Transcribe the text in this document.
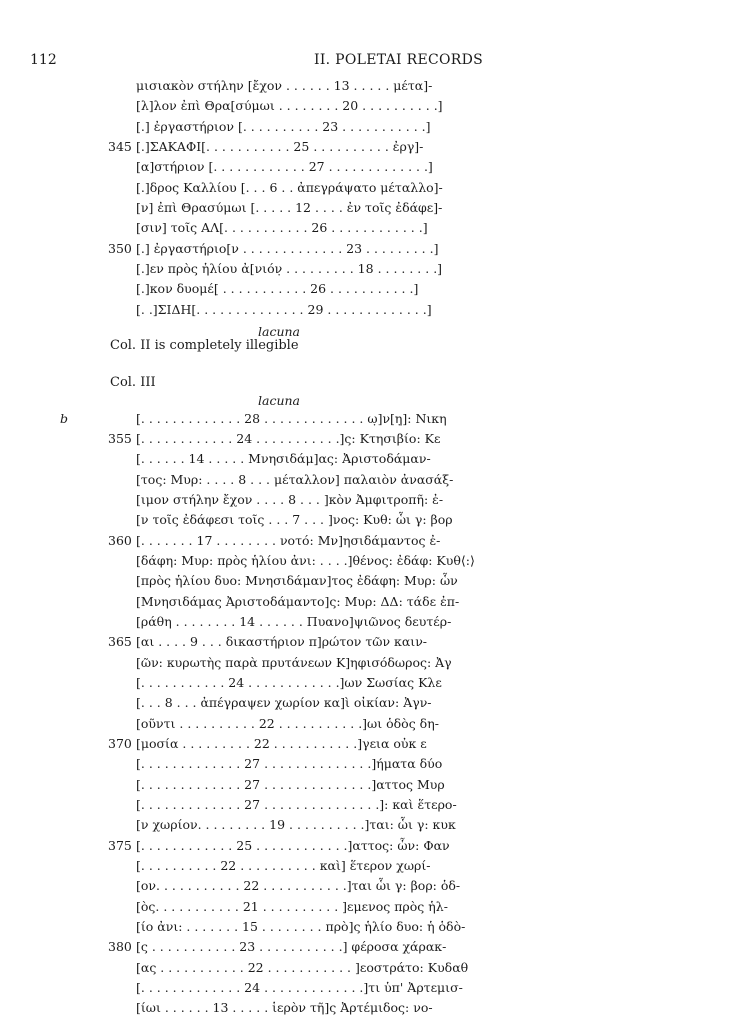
112	II. POLETAI RECORDS
μισιακὸν στήλην [ἔχον . . . . . . 13 . . . . . μέτα]-
[λ]λον ἐπὶ Θρα[σύμωι . . . . . . . . 20 . . . . . . . . . .]
[.] ἐργαστήριον [. . . . . . . . . . 23 . . . . . . . . . . .]
345 [.]ΣΑΚΑΦΙ[. . . . . . . . . . . 25 . . . . . . . . . . ἐργ]-
[α]στήριον [. . . . . . . . . . . . 27 . . . . . . . . . . . . .]
[.]δρος Καλλίου [. . . 6 . . ἀπεγράψατο μέταλλο]-
[ν] ἐπὶ Θρασύμωι [. . . . . 12 . . . . ἐν τοῖς ἐδάφε]-
[σιν] τοῖς ΑΛ[. . . . . . . . . . . 26 . . . . . . . . . . . .]
350 [.] ἐργαστήριο[ν . . . . . . . . . . . . . 23 . . . . . . . . .]
[.]εν πρὸς ἡλίου ἀ[νιόν̣ . . . . . . . . . 18 . . . . . . . .]
[.]κον δυομέ[̣ . . . . . . . . . . . 26 . . . . . . . . . . .]
[. .]ΣΙΔΗ[. . . . . . . . . . . . . . 29 . . . . . . . . . . . . .]
lacuna
Col. II is completely illegible
Col. III
lacuna
b	[. . . . . . . . . . . . . 28 . . . . . . . . . . . . . ω̣]ν[η̣]: Νικη
355 [. . . . . . . . . . . . 24 . . . . . . . . . . .]ς: Κτησιβίο: Κε
[. . . . . . 14 . . . . . Μνησιδάμ]ας: Ἀριστοδάμαν-
[τος: Μυρ: . . . . 8 . . . μέταλλον] παλαιὸν ἀνασάξ-
[ιμον στήλην ἔχον . . . . 8 . . . ]κὸν Ἀμφιτροπῆ: ἐ-
[ν τοῖς ἐδάφεσι τοῖς . . . 7 . . . ]νος: Κυθ: ὧι γ: βορ
360 [. . . . . . . 17 . . . . . . . . νοτό: Μν]ησιδάμαντος ἐ-
[δάφη: Μυρ: πρὸς ἡλίου ἀνι: . . . .]θένος: ἐδάφ: Κυθ⟨:⟩
[πρὸς ἡλίου δυο: Μνησιδάμαν]τος ἐδάφη: Μυρ: ὧν
[Μνησιδάμας Ἀριστοδάμαντο]ς: Μυρ: ΔΔ: τάδε ἐπ-
[ράθη . . . . . . . . 14 . . . . . . Πυανο]ψιῶνος δευτέρ-
365 [αι . . . . 9 . . . δικαστήριον π]ρώτον τῶν καιν-
[ῶν: κυρωτὴς παρὰ πρυτάνεων Κ]ηφισόδωρος: Ἀγ
[. . . . . . . . . . . 24 . . . . . . . . . . . .]ων Σωσίας Κλε
[. . . 8 . . . ἀπέγραψεν χωρίον κα]ὶ οἰκίαν: Ἀγν-
[οῦντι . . . . . . . . . . 22 . . . . . . . . . . .]ωι ὁδὸς δη-
370 [μοσία . . . . . . . . . 22 . . . . . . . . . . .]γεια οὐκ ε
[. . . . . . . . . . . . . 27 . . . . . . . . . . . . . .]ήματα δύο
[. . . . . . . . . . . . . 27 . . . . . . . . . . . . . .]αττος Μυρ
[. . . . . . . . . . . . . 27 . . . . . . . . . . . . . . .]: καὶ ἕτερο-
[ν χωρίον. . . . . . . . . 19 . . . . . . . . . .]ται: ὧι γ: κυκ
375 [. . . . . . . . . . . . 25 . . . . . . . . . . . .]αττος: ὧν: Φαν
[. . . . . . . . . . 22 . . . . . . . . . . καὶ] ἕτερον χωρί-
[ον. . . . . . . . . . . 22 . . . . . . . . . . .]ται ὧι γ: βορ: ὁδ-
[ὸς. . . . . . . . . . . 21 . . . . . . . . . . ]εμενος πρὸς ἡλ-
[ίο ἀνι: . . . . . . . 15 . . . . . . . . πρὸ]ς ἡλίο δυο: ἡ ὁδὸ-
380 [ς . . . . . . . . . . . 23 . . . . . . . . . . .] φέροσα χάρακ-
[ας . . . . . . . . . . . 22 . . . . . . . . . . . ]εοστράτο: Κυδαθ
[. . . . . . . . . . . . . 24 . . . . . . . . . . . . .]τι ὑπ' Ἀρτεμισ-
[ίωι . . . . . . 13 . . . . . ἱερὸν τῆ]ς Ἀρτέμιδος: νο-
